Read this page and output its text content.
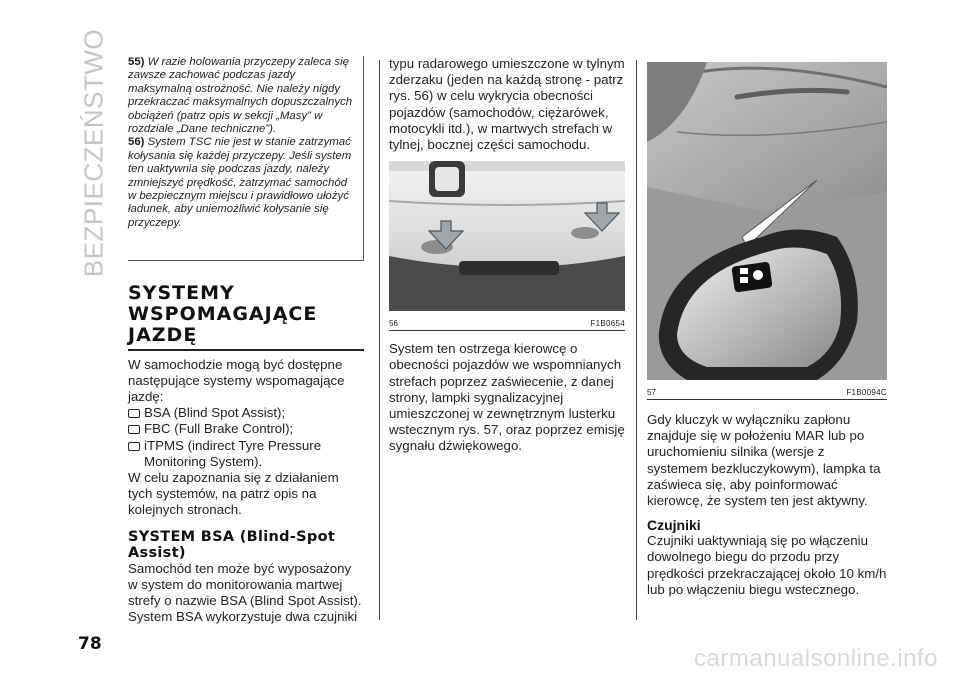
BEZPIECZEŃSTWO
78

55) W razie holowania przyczepy zaleca się zawsze zachować podczas jazdy maksymalną ostrożność. Nie należy nigdy przekraczać maksymalnych dopuszczalnych obciążeń (patrz opis w sekcji „Masy” w rozdziale „Dane techniczne”).

56) System TSC nie jest w stanie zatrzymać kołysania się każdej przyczepy. Jeśli system ten uaktywnia się podczas jazdy, należy zmniejszyć prędkość, zatrzymać samochód w bezpiecznym miejscu i prawidłowo ułożyć ładunek, aby uniemożliwić kołysanie się przyczepy.

SYSTEMY
WSPOMAGAJĄCE
JAZDĘ
W samochodzie mogą być dostępne następujące systemy wspomagające jazdę:
BSA (Blind Spot Assist);
FBC (Full Brake Control);
iTPMS (indirect Tyre Pressure Monitoring System).
W celu zapoznania się z działaniem tych systemów, na patrz opis na kolejnych stronach.
SYSTEM BSA (Blind-Spot Assist)
Samochód ten może być wyposażony w system do monitorowania martwej strefy o nazwie BSA (Blind Spot Assist). System BSA wykorzystuje dwa czujniki
typu radarowego umieszczone w tylnym zderzaku (jeden na każdą stronę - patrz rys. 56) w celu wykrycia obecności pojazdów (samochodów, ciężarówek, motocykli itd.), w martwych strefach w tylnej, bocznej części samochodu.
56	F1B0654
System ten ostrzega kierowcę o obecności pojazdów we wspomnianych strefach poprzez zaświecenie, z danej strony, lampki sygnalizacyjnej umieszczonej w zewnętrznym lusterku wstecznym rys. 57, oraz poprzez emisję sygnału dźwiękowego.
57	F1B0094C
Gdy kluczyk w wyłączniku zapłonu znajduje się w położeniu MAR lub po uruchomieniu silnika (wersje z systemem bezkluczykowym), lampka ta zaświeca się, aby poinformować kierowcę, że system ten jest aktywny.
Czujniki
Czujniki uaktywniają się po włączeniu dowolnego biegu do przodu przy prędkości przekraczającej około 10 km/h lub po włączeniu biegu wstecznego.
carmanualsonline.info
